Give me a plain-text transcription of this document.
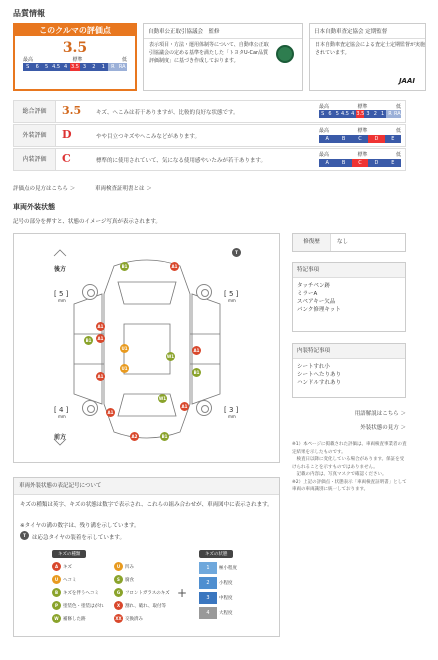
品質情報
このクルマの評価点
3.5
最高	標準	低
S	6	5 4.5 4 3.5 3	2	1	R RA
自動車公正取引協議会　監修
表示項目・方法・運用体制等について、自動車公正取引協議会の定める基準を満たした「トヨタU-Car品質評価制度」に基づき作成しております。
日本自動車査定協会 定期監督
日本自動車査定協会による査定士定期監督が実施されています。
JAAI
総合評価	3.5	キズ、へこみは若干ありますが、比較的良好な状態です。
最高	標準	低
S 6 5 4.5 4 3.5 3 2 1 R RA
外装評価	D	やや目立つキズやへこみなどがあります。
最高	標準	低
A	B	C	D	E
内装評価	C	標準的に使用されていて、気になる使用感やいたみが若干あります。
最高	標準	低
A	B	C	D	E
評価点の見方はこちら ＞	車両検査証明書とは ＞
車両外装状態
記号の部分を押すと、状態のイメージ写真が表示されます。
後方
前方
[ 5 ]	[ 5 ]
[ 4 ]	[ 3 ]
mm	mm
mm	mm
T
B1	A1
A1
A1
B1
U1
W1
A1
U1
A1
B1
A1
A1
A2	B1
W1
修復歴	なし
特記事項
タッチペン跡
ミラーA
スペアキー欠品
パンク修理キット
内装特記事項
シートすれ小
シートへたりあり
ハンドルすれあり
用語解説はこちら ＞
外装状態の見方 ＞
※1）本ページに掲載された評価は、車両検査事業者の査定結果を示したものです。
　検査日以降に変化している場合があります。保証を受けられることを示すものではありません。
　記載の内容は、写真マスクで確認ください。
※2）上記の評価点・状態表示「車両検査証明書」として車両の車両識別に統一しております。
車両外装状態の表記記号について
キズの種類は英字、キズの状態は数字で表示され、これらの組み合わせが、車両図中に表示されます。
※タイヤの溝の数字は、残り溝を示しています。
T	は応急タイヤの装着を示しています。
キズの種類	キズの状態
A	キズ	U	凹み
U	ヘコミ	S	腐食
B	キズを伴うヘコミ	G	フロントガラスのキズ
P	塗装色・塗装はがれ	X	割れ、破れ、取付等
W 補修した跡	XX 交換済み
+
1	極小程度
2	小程度
3	中程度
4	大程度
